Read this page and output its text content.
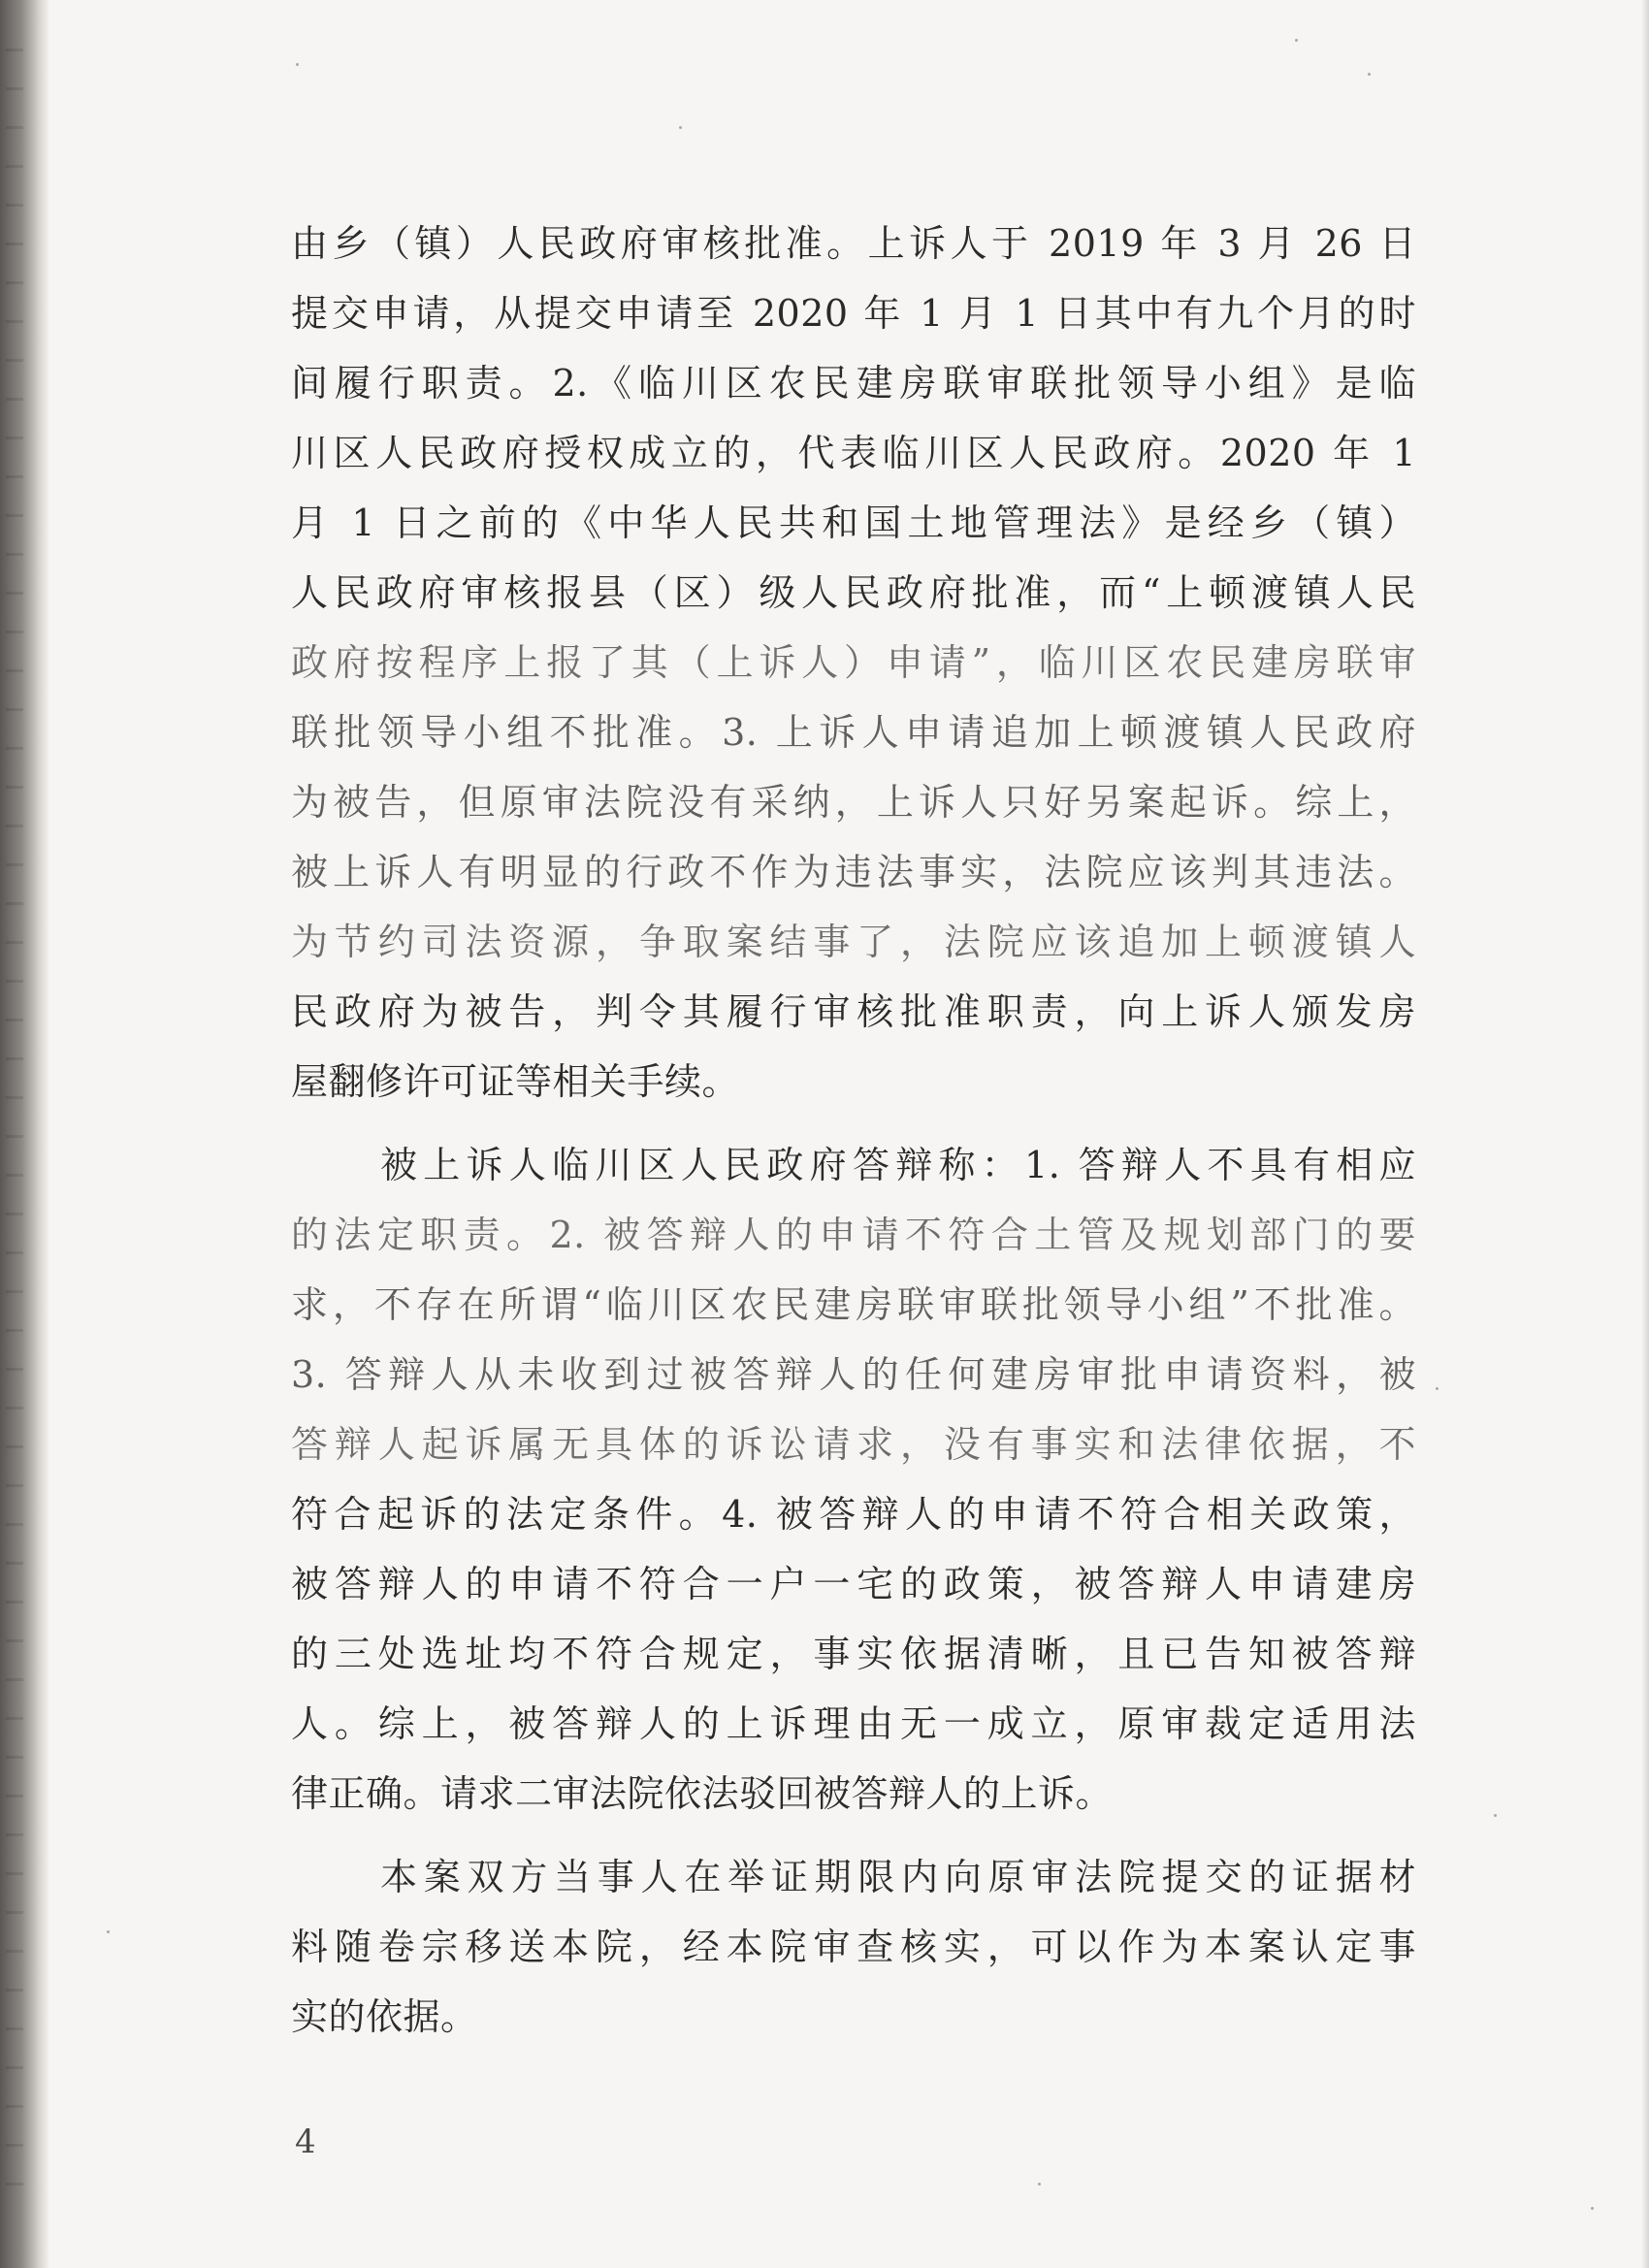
由乡（镇）人民政府审核批准。上诉人于 2019 年 3 月 26 日
提交申请，从提交申请至 2020 年 1 月 1 日其中有九个月的时
间履行职责。2.《临川区农民建房联审联批领导小组》是临
川区人民政府授权成立的，代表临川区人民政府。2020 年 1
月 1 日之前的《中华人民共和国土地管理法》是经乡（镇）
人民政府审核报县（区）级人民政府批准，而“上顿渡镇人民
政府按程序上报了其（上诉人）申请”，临川区农民建房联审
联批领导小组不批准。3. 上诉人申请追加上顿渡镇人民政府
为被告，但原审法院没有采纳，上诉人只好另案起诉。综上，
被上诉人有明显的行政不作为违法事实，法院应该判其违法。
为节约司法资源，争取案结事了，法院应该追加上顿渡镇人
民政府为被告，判令其履行审核批准职责，向上诉人颁发房
屋翻修许可证等相关手续。
被上诉人临川区人民政府答辩称：1. 答辩人不具有相应
的法定职责。2. 被答辩人的申请不符合土管及规划部门的要
求，不存在所谓“临川区农民建房联审联批领导小组”不批准。
3. 答辩人从未收到过被答辩人的任何建房审批申请资料，被
答辩人起诉属无具体的诉讼请求，没有事实和法律依据，不
符合起诉的法定条件。4. 被答辩人的申请不符合相关政策，
被答辩人的申请不符合一户一宅的政策，被答辩人申请建房
的三处选址均不符合规定，事实依据清晰，且已告知被答辩
人。综上，被答辩人的上诉理由无一成立，原审裁定适用法
律正确。请求二审法院依法驳回被答辩人的上诉。
本案双方当事人在举证期限内向原审法院提交的证据材
料随卷宗移送本院，经本院审查核实，可以作为本案认定事
实的依据。
4
